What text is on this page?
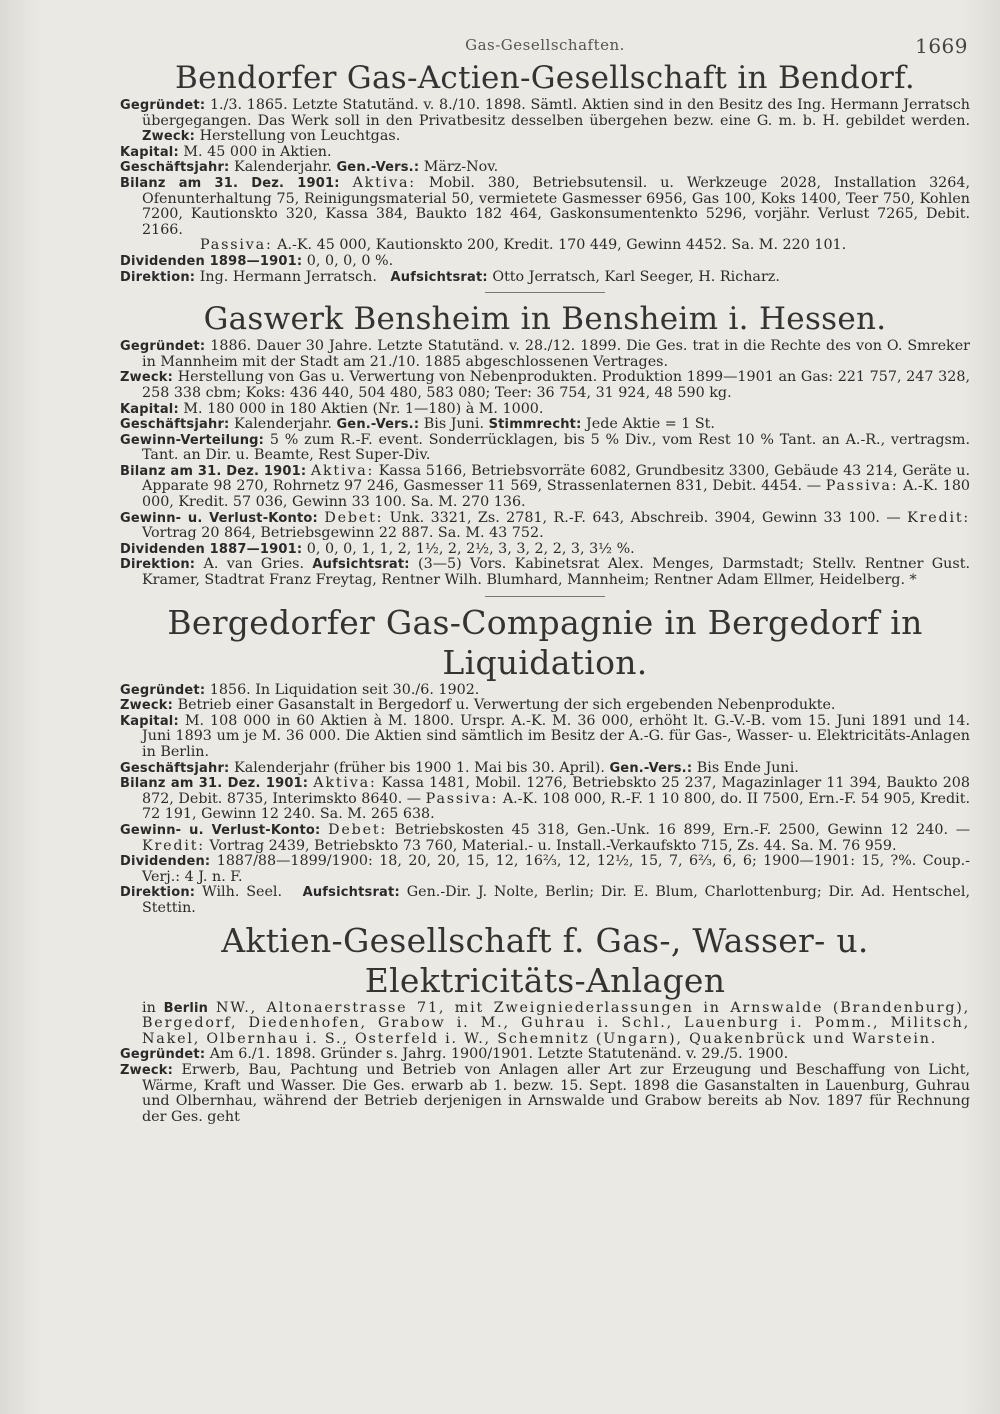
Gas-Gesellschaften.	1669
Bendorfer Gas-Actien-Gesellschaft in Bendorf.

Gegründet: 1./3. 1865. Letzte Statutänd. v. 8./10. 1898. Sämtl. Aktien sind in den Besitz des Ing. Hermann Jerratsch übergegangen. Das Werk soll in den Privatbesitz desselben übergehen bezw. eine G. m. b. H. gebildet werden. Zweck: Herstellung von Leuchtgas.

Kapital: M. 45 000 in Aktien.

Geschäftsjahr: Kalenderjahr. Gen.-Vers.: März-Nov.

Bilanz am 31. Dez. 1901: Aktiva: Mobil. 380, Betriebsutensil. u. Werkzeuge 2028, Installation 3264, Ofenunterhaltung 75, Reinigungsmaterial 50, vermietete Gasmesser 6956, Gas 100, Koks 1400, Teer 750, Kohlen 7200, Kautionskto 320, Kassa 384, Baukto 182 464, Gaskonsumentenkto 5296, vorjähr. Verlust 7265, Debit. 2166.

Passiva: A.-K. 45 000, Kautionskto 200, Kredit. 170 449, Gewinn 4452. Sa. M. 220 101.

Dividenden 1898—1901: 0, 0, 0, 0 %.

Direktion: Ing. Hermann Jerratsch. Aufsichtsrat: Otto Jerratsch, Karl Seeger, H. Richarz.

Gaswerk Bensheim in Bensheim i. Hessen.

Gegründet: 1886. Dauer 30 Jahre. Letzte Statutänd. v. 28./12. 1899. Die Ges. trat in die Rechte des von O. Smreker in Mannheim mit der Stadt am 21./10. 1885 abgeschlossenen Vertrages.

Zweck: Herstellung von Gas u. Verwertung von Nebenprodukten. Produktion 1899—1901 an Gas: 221 757, 247 328, 258 338 cbm; Koks: 436 440, 504 480, 583 080; Teer: 36 754, 31 924, 48 590 kg.

Kapital: M. 180 000 in 180 Aktien (Nr. 1—180) à M. 1000.

Geschäftsjahr: Kalenderjahr. Gen.-Vers.: Bis Juni. Stimmrecht: Jede Aktie = 1 St.

Gewinn-Verteilung: 5 % zum R.-F. event. Sonderrücklagen, bis 5 % Div., vom Rest 10 % Tant. an A.-R., vertragsm. Tant. an Dir. u. Beamte, Rest Super-Div.

Bilanz am 31. Dez. 1901: Aktiva: Kassa 5166, Betriebsvorräte 6082, Grundbesitz 3300, Gebäude 43 214, Geräte u. Apparate 98 270, Rohrnetz 97 246, Gasmesser 11 569, Strassenlaternen 831, Debit. 4454. — Passiva: A.-K. 180 000, Kredit. 57 036, Gewinn 33 100. Sa. M. 270 136.

Gewinn- u. Verlust-Konto: Debet: Unk. 3321, Zs. 2781, R.-F. 643, Abschreib. 3904, Gewinn 33 100. — Kredit: Vortrag 20 864, Betriebsgewinn 22 887. Sa. M. 43 752.

Dividenden 1887—1901: 0, 0, 0, 1, 1, 2, 1½, 2, 2½, 3, 3, 2, 2, 3, 3½ %.

Direktion: A. van Gries. Aufsichtsrat: (3—5) Vors. Kabinetsrat Alex. Menges, Darmstadt; Stellv. Rentner Gust. Kramer, Stadtrat Franz Freytag, Rentner Wilh. Blumhard, Mannheim; Rentner Adam Ellmer, Heidelberg. *

Bergedorfer Gas-Compagnie in Bergedorf in Liquidation.

Gegründet: 1856. In Liquidation seit 30./6. 1902.

Zweck: Betrieb einer Gasanstalt in Bergedorf u. Verwertung der sich ergebenden Nebenprodukte.

Kapital: M. 108 000 in 60 Aktien à M. 1800. Urspr. A.-K. M. 36 000, erhöht lt. G.-V.-B. vom 15. Juni 1891 und 14. Juni 1893 um je M. 36 000. Die Aktien sind sämtlich im Besitz der A.-G. für Gas-, Wasser- u. Elektricitäts-Anlagen in Berlin.

Geschäftsjahr: Kalenderjahr (früher bis 1900 1. Mai bis 30. April). Gen.-Vers.: Bis Ende Juni.

Bilanz am 31. Dez. 1901: Aktiva: Kassa 1481, Mobil. 1276, Betriebskto 25 237, Magazinlager 11 394, Baukto 208 872, Debit. 8735, Interimskto 8640. — Passiva: A.-K. 108 000, R.-F. 1 10 800, do. II 7500, Ern.-F. 54 905, Kredit. 72 191, Gewinn 12 240. Sa. M. 265 638.

Gewinn- u. Verlust-Konto: Debet: Betriebskosten 45 318, Gen.-Unk. 16 899, Ern.-F. 2500, Gewinn 12 240. — Kredit: Vortrag 2439, Betriebskto 73 760, Material.- u. Install.-Verkaufskto 715, Zs. 44. Sa. M. 76 959.

Dividenden: 1887/88—1899/1900: 18, 20, 20, 15, 12, 16⅔, 12, 12½, 15, 7, 6⅔, 6, 6; 1900—1901: 15, ?%. Coup.-Verj.: 4 J. n. F.

Direktion: Wilh. Seel. Aufsichtsrat: Gen.-Dir. J. Nolte, Berlin; Dir. E. Blum, Charlottenburg; Dir. Ad. Hentschel, Stettin.

Aktien-Gesellschaft f. Gas-, Wasser- u. Elektricitäts-Anlagen

in Berlin NW., Altonaerstrasse 71, mit Zweigniederlassungen in Arnswalde (Brandenburg), Bergedorf, Diedenhofen, Grabow i. M., Guhrau i. Schl., Lauenburg i. Pomm., Militsch, Nakel, Olbernhau i. S., Osterfeld i. W., Schemnitz (Ungarn), Quakenbrück und Warstein.

Gegründet: Am 6./1. 1898. Gründer s. Jahrg. 1900/1901. Letzte Statutenänd. v. 29./5. 1900.

Zweck: Erwerb, Bau, Pachtung und Betrieb von Anlagen aller Art zur Erzeugung und Beschaffung von Licht, Wärme, Kraft und Wasser. Die Ges. erwarb ab 1. bezw. 15. Sept. 1898 die Gasanstalten in Lauenburg, Guhrau und Olbernhau, während der Betrieb derjenigen in Arnswalde und Grabow bereits ab Nov. 1897 für Rechnung der Ges. geht
